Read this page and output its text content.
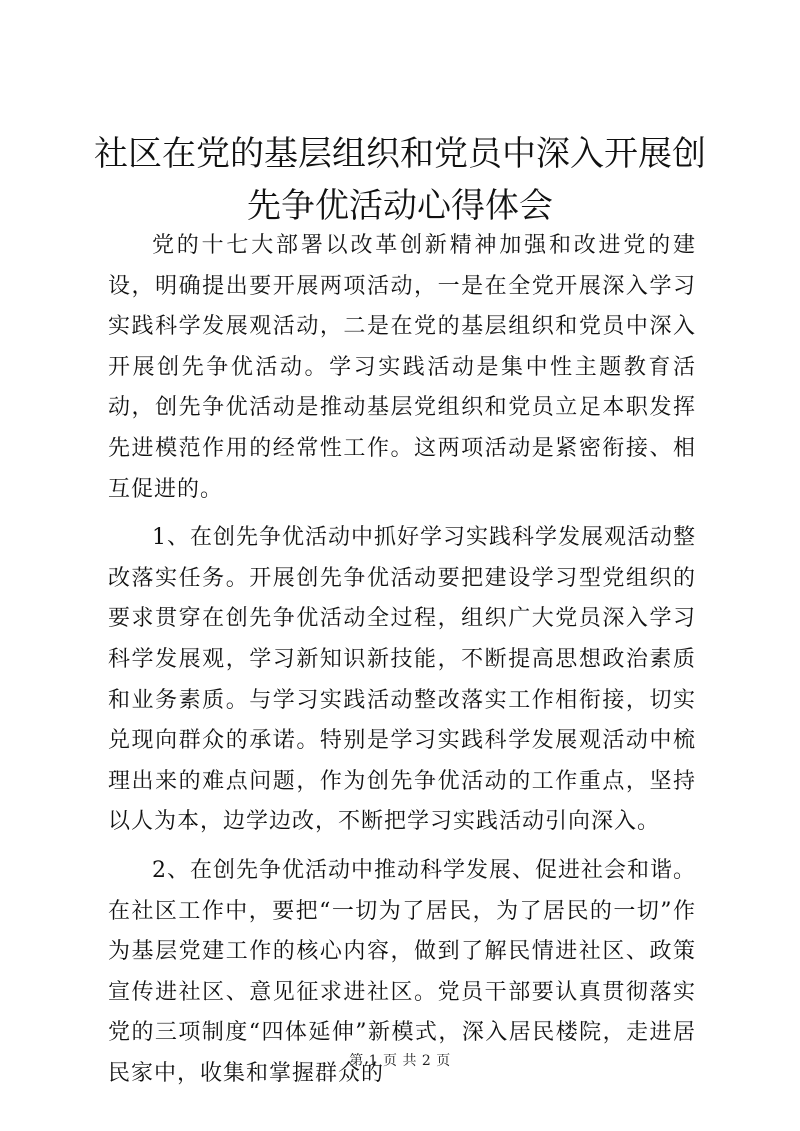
社区在党的基层组织和党员中深入开展创先争优活动心得体会

党的十七大部署以改革创新精神加强和改进党的建设，明确提出要开展两项活动，一是在全党开展深入学习实践科学发展观活动，二是在党的基层组织和党员中深入开展创先争优活动。学习实践活动是集中性主题教育活动，创先争优活动是推动基层党组织和党员立足本职发挥先进模范作用的经常性工作。这两项活动是紧密衔接、相互促进的。

1、在创先争优活动中抓好学习实践科学发展观活动整改落实任务。开展创先争优活动要把建设学习型党组织的要求贯穿在创先争优活动全过程，组织广大党员深入学习科学发展观，学习新知识新技能，不断提高思想政治素质和业务素质。与学习实践活动整改落实工作相衔接，切实兑现向群众的承诺。特别是学习实践科学发展观活动中梳理出来的难点问题，作为创先争优活动的工作重点，坚持以人为本，边学边改，不断把学习实践活动引向深入。

2、在创先争优活动中推动科学发展、促进社会和谐。在社区工作中，要把“一切为了居民，为了居民的一切”作为基层党建工作的核心内容，做到了解民情进社区、政策宣传进社区、意见征求进社区。党员干部要认真贯彻落实党的三项制度“四体延伸”新模式，深入居民楼院，走进居民家中，收集和掌握群众的

第 1 页 共 2 页
